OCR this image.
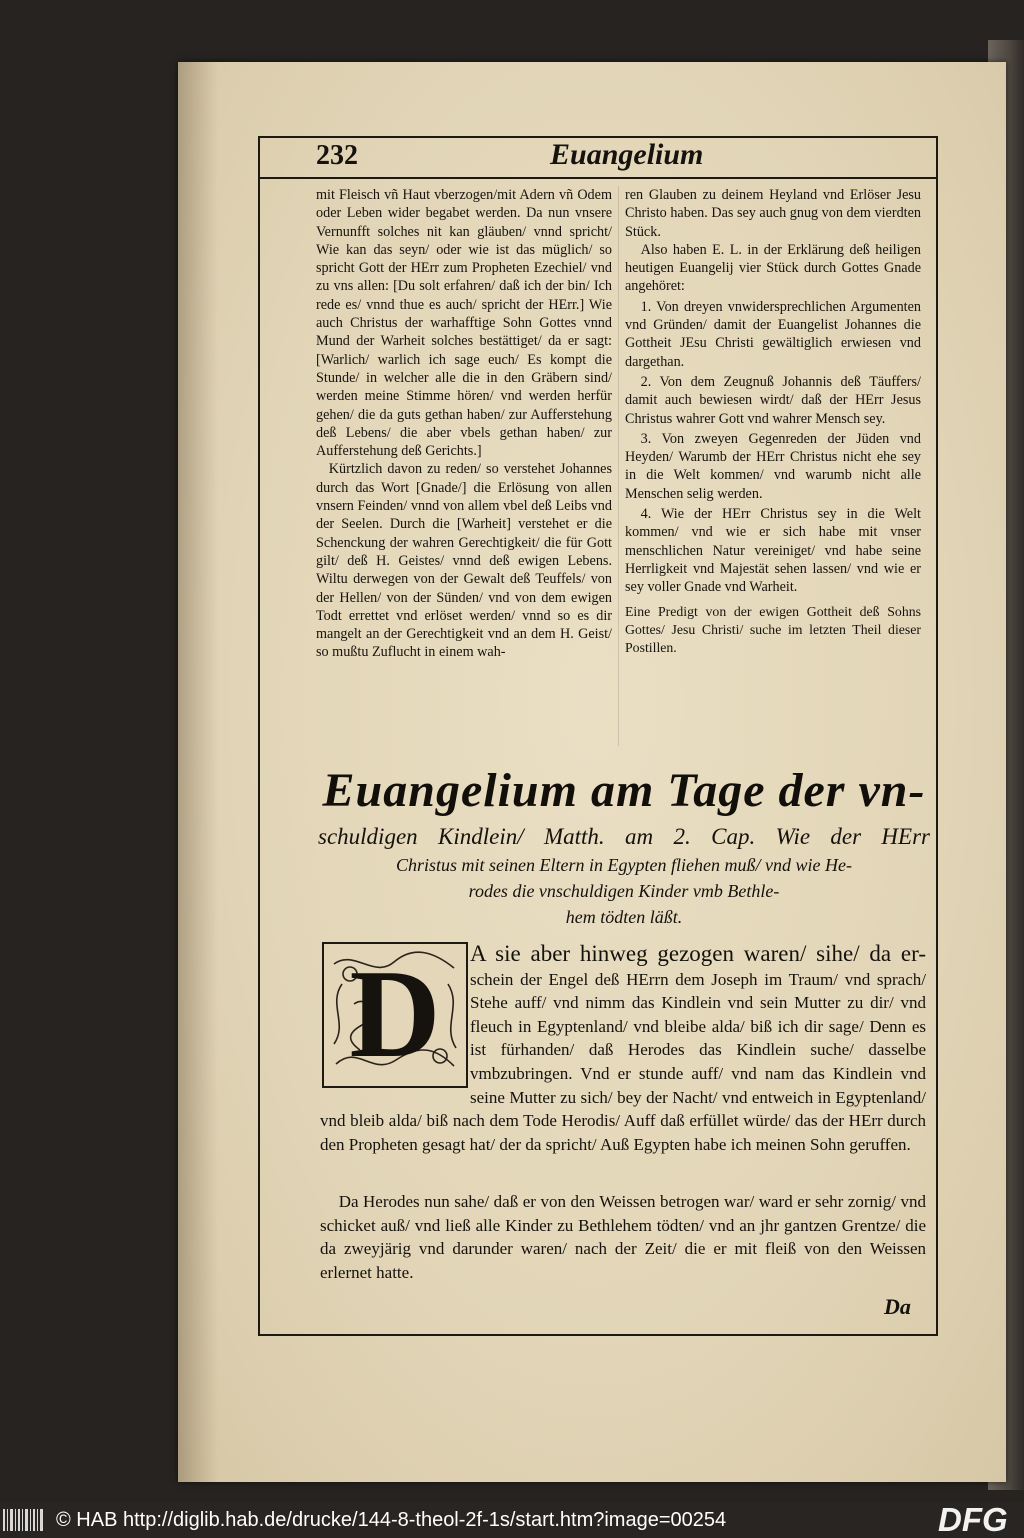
232	Euangelium

mit Fleisch vñ Haut vberzogen/mit Adern vñ Odem oder Leben wider begabet werden. Da nun vnsere Vernunfft solches nit kan gläuben/ vnnd spricht/ Wie kan das seyn/ oder wie ist das müglich/ so spricht Gott der HErr zum Propheten Ezechiel/ vnd zu vns allen: [Du solt erfahren/ daß ich der bin/ Ich rede es/ vnnd thue es auch/ spricht der HErr.] Wie auch Christus der warhafftige Sohn Gottes vnnd Mund der Warheit solches bestättiget/ da er sagt: [Warlich/ warlich ich sage euch/ Es kompt die Stunde/ in welcher alle die in den Gräbern sind/ werden meine Stimme hören/ vnd werden herfür gehen/ die da guts gethan haben/ zur Aufferstehung deß Lebens/ die aber vbels gethan haben/ zur Aufferstehung deß Gerichts.]

Kürtzlich davon zu reden/ so verstehet Johannes durch das Wort [Gnade/] die Erlösung von allen vnsern Feinden/ vnnd von allem vbel deß Leibs vnd der Seelen. Durch die [Warheit] verstehet er die Schenckung der wahren Gerechtigkeit/ die für Gott gilt/ deß H. Geistes/ vnnd deß ewigen Lebens. Wiltu derwegen von der Gewalt deß Teuffels/ von der Hellen/ von der Sünden/ vnd von dem ewigen Todt errettet vnd erlöset werden/ vnnd so es dir mangelt an der Gerechtigkeit vnd an dem H. Geist/ so mußtu Zuflucht in einem wah-

ren Glauben zu deinem Heyland vnd Erlöser Jesu Christo haben. Das sey auch gnug von dem vierdten Stück.

Also haben E. L. in der Erklärung deß heiligen heutigen Euangelij vier Stück durch Gottes Gnade angehöret:

1. Von dreyen vnwidersprechlichen Argumenten vnd Gründen/ damit der Euangelist Johannes die Gottheit JEsu Christi gewältiglich erwiesen vnd dargethan.

2. Von dem Zeugnuß Johannis deß Täuffers/ damit auch bewiesen wirdt/ daß der HErr Jesus Christus wahrer Gott vnd wahrer Mensch sey.

3. Von zweyen Gegenreden der Jüden vnd Heyden/ Warumb der HErr Christus nicht ehe sey in die Welt kommen/ vnd warumb nicht alle Menschen selig werden.

4. Wie der HErr Christus sey in die Welt kommen/ vnd wie er sich habe mit vnser menschlichen Natur vereiniget/ vnd habe seine Herrligkeit vnd Majestät sehen lassen/ vnd wie er sey voller Gnade vnd Warheit.

Eine Predigt von der ewigen Gottheit deß Sohns Gottes/ Jesu Christi/ suche im letzten Theil dieser Postillen.

Euangelium am Tage der vn-
schuldigen Kindlein/ Matth. am 2. Cap. Wie der HErr
Christus mit seinen Eltern in Egypten fliehen muß/ vnd wie He-
rodes die vnschuldigen Kinder vmb Bethle-
hem tödten läßt.
D	A sie aber hinweg gezogen waren/ sihe/ da er- schein der Engel deß HErrn dem Joseph im Traum/ vnd sprach/ Stehe auff/ vnd nimm das Kindlein vnd sein Mutter zu dir/ vnd fleuch in Egyptenland/ vnd bleibe alda/ biß ich dir sage/ Denn es ist fürhanden/ daß Herodes das Kindlein suche/ dasselbe vmbzubringen. Vnd er stunde auff/ vnd nam das Kindlein vnd seine Mutter zu sich/ bey der Nacht/ vnd entweich in Egyptenland/ vnd bleib alda/ biß nach dem Tode Herodis/ Auff daß erfüllet würde/ das der HErr durch den Propheten gesagt hat/ der da spricht/ Auß Egypten habe ich meinen Sohn geruffen.

Da Herodes nun sahe/ daß er von den Weissen betrogen war/ ward er sehr zornig/ vnd schicket auß/ vnd ließ alle Kinder zu Bethlehem tödten/ vnd an jhr gantzen Grentze/ die da zweyjärig vnd darunder waren/ nach der Zeit/ die er mit fleiß von den Weissen erlernet hatte.

Da

© HAB http://diglib.hab.de/drucke/144-8-theol-2f-1s/start.htm?image=00254	DFG
